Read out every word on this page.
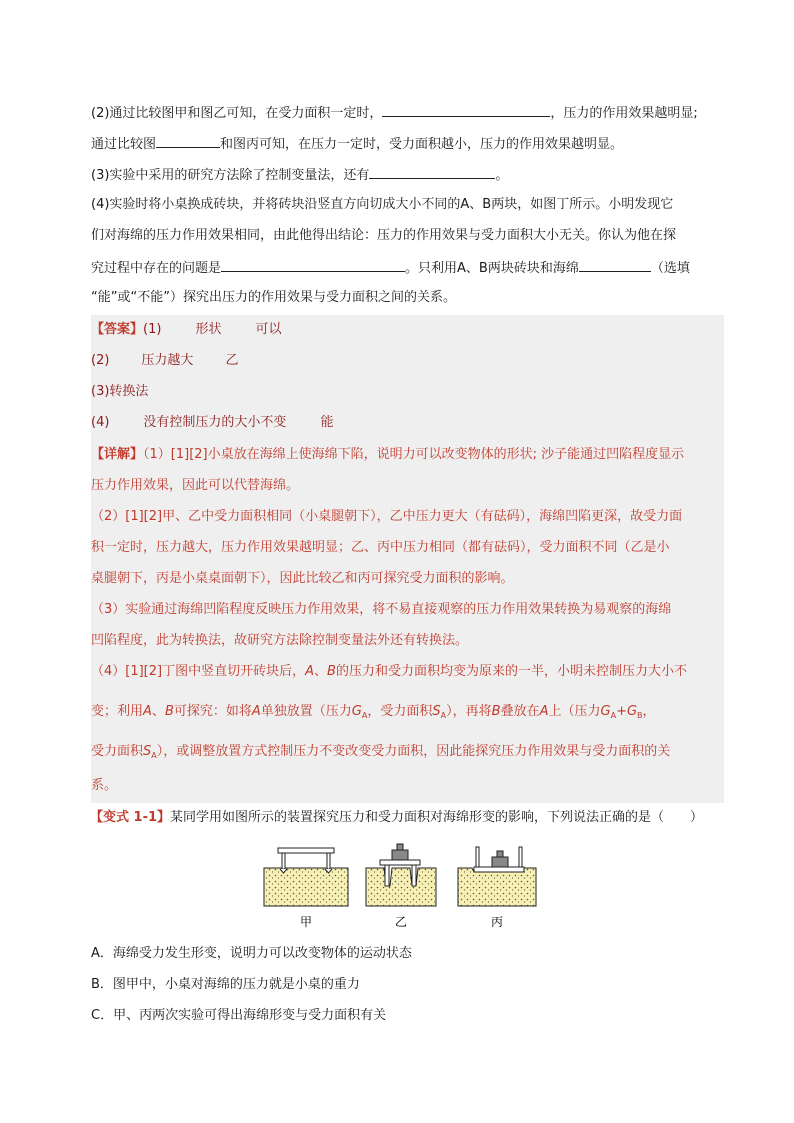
(2)通过比较图甲和图乙可知，在受力面积一定时，	，压力的作用效果越明显;
通过比较图	和图丙可知，在压力一定时，受力面积越小，压力的作用效果越明显。
(3)实验中采用的研究方法除了控制变量法，还有	。
(4)实验时将小桌换成砖块，并将砖块沿竖直方向切成大小不同的A、B两块，如图丁所示。小明发现它
们对海绵的压力作用效果相同，由此他得出结论：压力的作用效果与受力面积大小无关。你认为他在探
究过程中存在的问题是	。只利用A、B两块砖块和海绵	（选填
“能”或“不能”）探究出压力的作用效果与受力面积之间的关系。
【答案】(1)	形状	可以
(2) 压力越大 乙
(3)转换法
(4)	没有控制压力的大小不变	能
【详解】（1）[1][2]小桌放在海绵上使海绵下陷，说明力可以改变物体的形状; 沙子能通过凹陷程度显示
压力作用效果，因此可以代替海绵。
（2）[1][2]甲、乙中受力面积相同（小桌腿朝下），乙中压力更大（有砝码），海绵凹陷更深，故受力面
积一定时，压力越大，压力作用效果越明显；乙、丙中压力相同（都有砝码），受力面积不同（乙是小
桌腿朝下，丙是小桌桌面朝下），因此比较乙和丙可探究受力面积的影响。
（3）实验通过海绵凹陷程度反映压力作用效果，将不易直接观察的压力作用效果转换为易观察的海绵
凹陷程度，此为转换法，故研究方法除控制变量法外还有转换法。
（4）[1][2]丁图中竖直切开砖块后，A、B的压力和受力面积均变为原来的一半，小明未控制压力大小不
变；利用A、B可探究：如将A单独放置（压力$G_A$，受力面积$S_A$），再将B叠放在A上（压力$G_A+G_B$，
受力面积$S_A$），或调整放置方式控制压力不变改变受力面积，因此能探究压力作用效果与受力面积的关
系。
【变式 1-1】某同学用如图所示的装置探究压力和受力面积对海绵形变的影响，下列说法正确的是（　　）
甲	乙	丙
A．海绵受力发生形变，说明力可以改变物体的运动状态
B．图甲中，小桌对海绵的压力就是小桌的重力
C．甲、丙两次实验可得出海绵形变与受力面积有关
